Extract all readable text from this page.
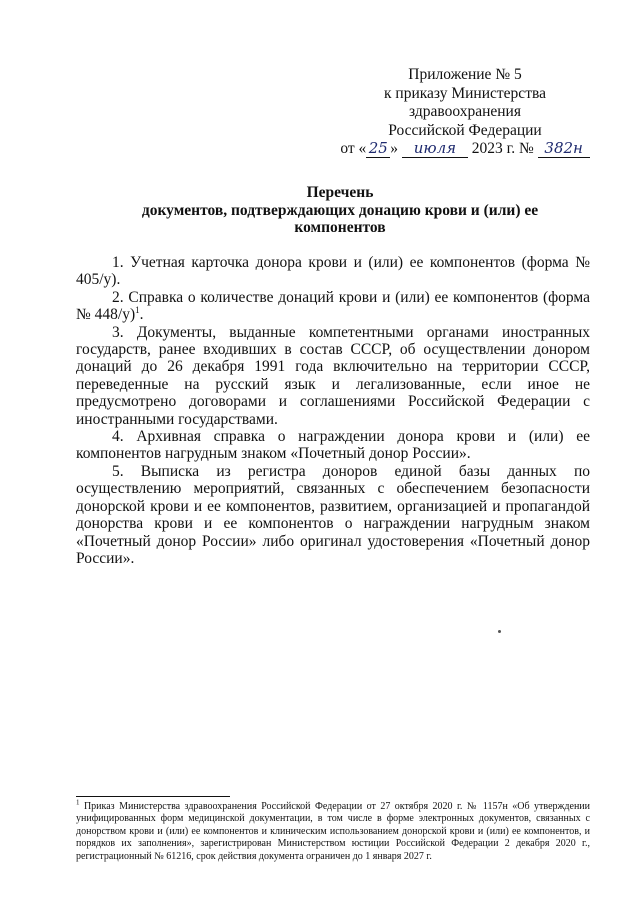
Приложение № 5
к приказу Министерства
здравоохранения
Российской Федерации
от « 25 » июля 2023 г. № 382н
Перечень
документов, подтверждающих донацию крови и (или) ее
компонентов

1. Учетная карточка донора крови и (или) ее компонентов (форма № 405/у).

2. Справка о количестве донаций крови и (или) ее компонентов (форма № 448/у)$^1$.

3. Документы, выданные компетентными органами иностранных государств, ранее входивших в состав СССР, об осуществлении донором донаций до 26 декабря 1991 года включительно на территории СССР, переведенные на русский язык и легализованные, если иное не предусмотрено договорами и соглашениями Российской Федерации с иностранными государствами.

4. Архивная справка о награждении донора крови и (или) ее компонентов нагрудным знаком «Почетный донор России».

5. Выписка из регистра доноров единой базы данных по осуществлению мероприятий, связанных с обеспечением безопасности донорской крови и ее компонентов, развитием, организацией и пропагандой донорства крови и ее компонентов о награждении нагрудным знаком «Почетный донор России» либо оригинал удостоверения «Почетный донор России».

$^1$ Приказ Министерства здравоохранения Российской Федерации от 27 октября 2020 г. № 1157н «Об утверждении унифицированных форм медицинской документации, в том числе в форме электронных документов, связанных с донорством крови и (или) ее компонентов и клиническим использованием донорской крови и (или) ее компонентов, и порядков их заполнения», зарегистрирован Министерством юстиции Российской Федерации 2 декабря 2020 г., регистрационный № 61216, срок действия документа ограничен до 1 января 2027 г.
